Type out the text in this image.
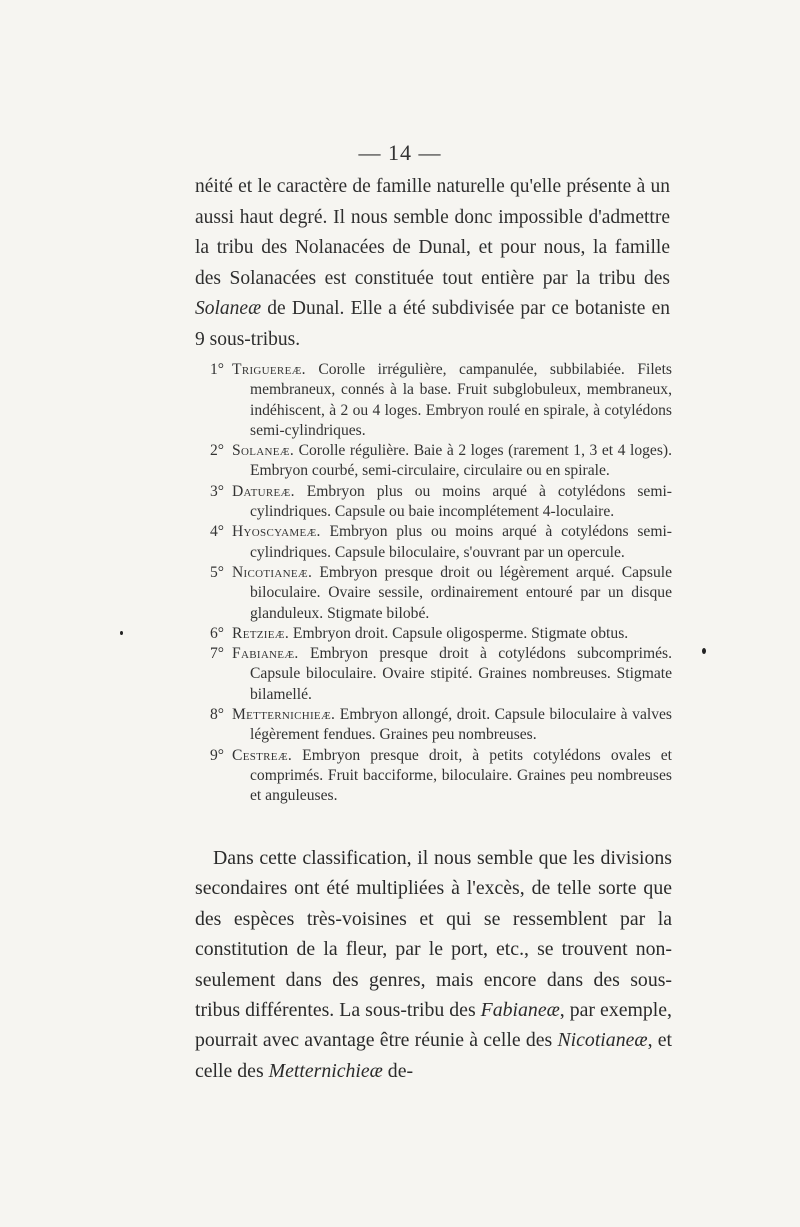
— 14 —

néité et le caractère de famille naturelle qu'elle présente à un aussi haut degré. Il nous semble donc impossible d'admettre la tribu des Nolanacées de Dunal, et pour nous, la famille des Solanacées est constituée tout entière par la tribu des Solaneæ de Dunal. Elle a été subdivisée par ce botaniste en 9 sous-tribus.

1° Triguereæ. Corolle irrégulière, campanulée, subbilabiée. Filets membraneux, connés à la base. Fruit subglobuleux, membraneux, indéhiscent, à 2 ou 4 loges. Embryon roulé en spirale, à cotylédons semi-cylindriques.

2° Solaneæ. Corolle régulière. Baie à 2 loges (rarement 1, 3 et 4 loges). Embryon courbé, semi-circulaire, circulaire ou en spirale.

3° Datureæ. Embryon plus ou moins arqué à cotylédons semi-cylindriques. Capsule ou baie incomplétement 4-loculaire.

4° Hyoscyameæ. Embryon plus ou moins arqué à cotylédons semi-cylindriques. Capsule biloculaire, s'ouvrant par un opercule.

5° Nicotianeæ. Embryon presque droit ou légèrement arqué. Capsule biloculaire. Ovaire sessile, ordinairement entouré par un disque glanduleux. Stigmate bilobé.

6° Retzieæ. Embryon droit. Capsule oligosperme. Stigmate obtus.

7° Fabianeæ. Embryon presque droit à cotylédons subcomprimés. Capsule biloculaire. Ovaire stipité. Graines nombreuses. Stigmate bilamellé.

8° Metternichieæ. Embryon allongé, droit. Capsule biloculaire à valves légèrement fendues. Graines peu nombreuses.

9° Cestreæ. Embryon presque droit, à petits cotylédons ovales et comprimés. Fruit bacciforme, biloculaire. Graines peu nombreuses et anguleuses.

Dans cette classification, il nous semble que les divisions secondaires ont été multipliées à l'excès, de telle sorte que des espèces très-voisines et qui se ressemblent par la constitution de la fleur, par le port, etc., se trouvent non-seulement dans des genres, mais encore dans des sous-tribus différentes. La sous-tribu des Fabianeæ, par exemple, pourrait avec avantage être réunie à celle des Nicotianeæ, et celle des Metternichieæ de-
